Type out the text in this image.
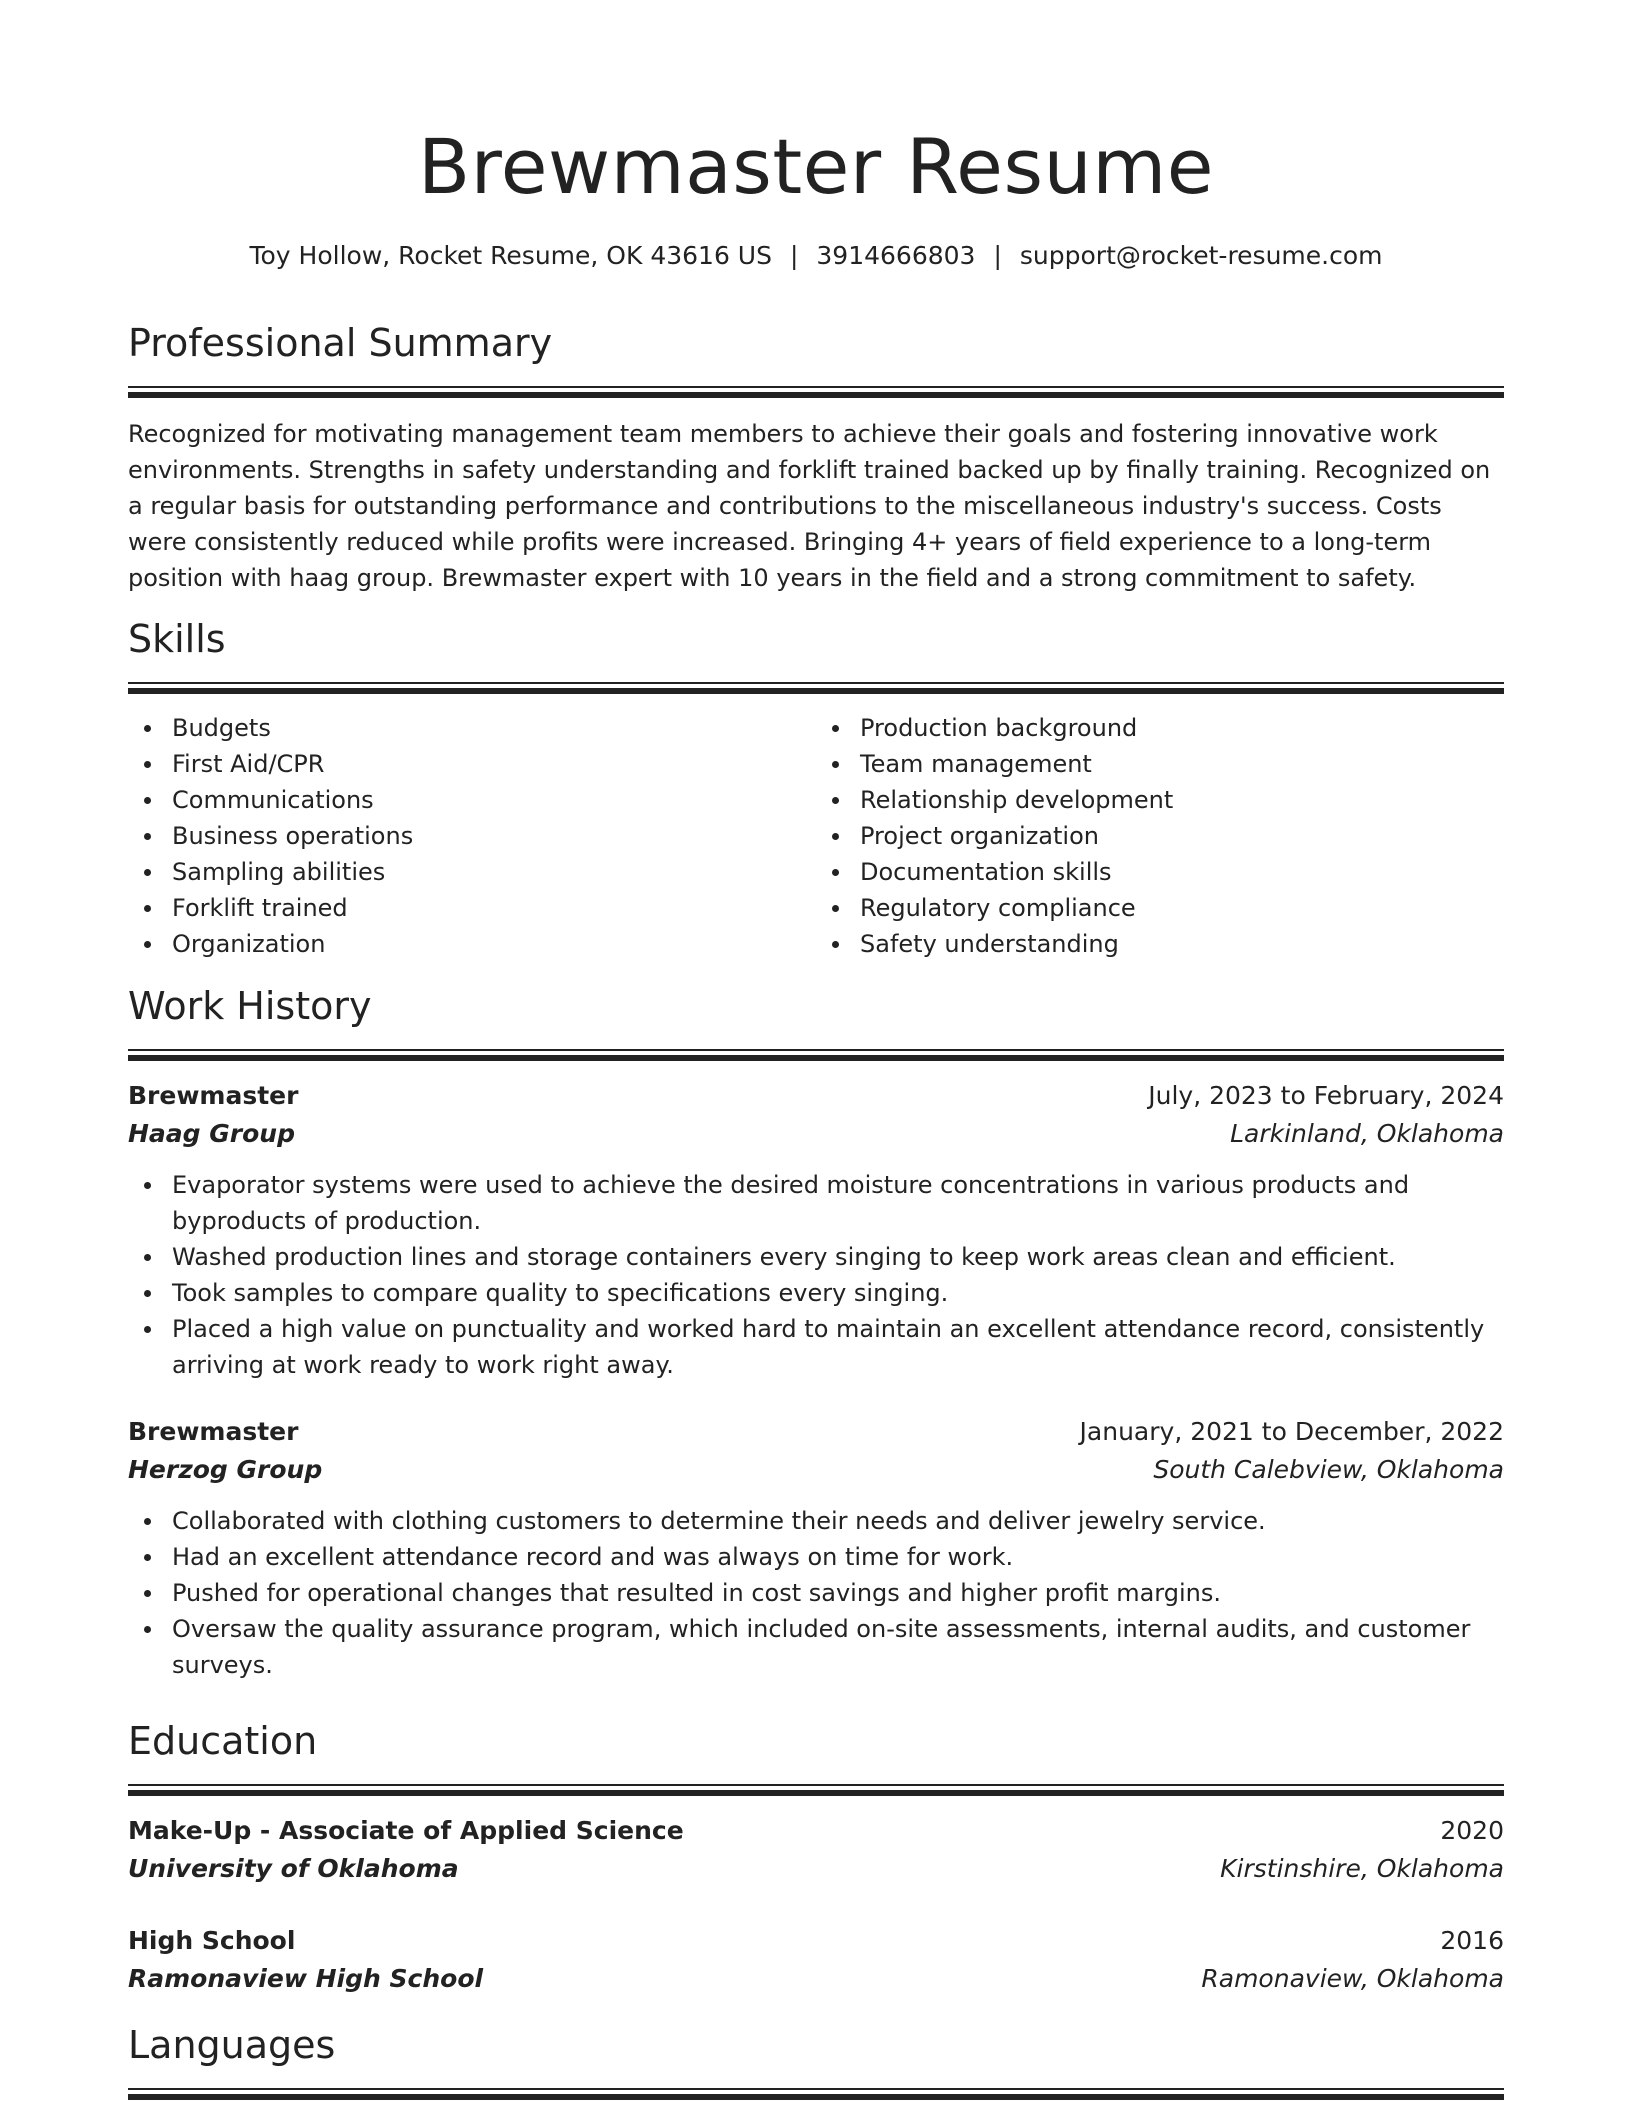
Brewmaster Resume
Toy Hollow, Rocket Resume, OK 43616 US | 3914666803 | support@rocket-resume.com
Professional Summary

Recognized for motivating management team members to achieve their goals and fostering innovative work environments. Strengths in safety understanding and forklift trained backed up by finally training. Recognized on a regular basis for outstanding performance and contributions to the miscellaneous industry's success. Costs were consistently reduced while profits were increased. Bringing 4+ years of field experience to a long-term position with haag group. Brewmaster expert with 10 years in the field and a strong commitment to safety.

Skills
Budgets
First Aid/CPR
Communications
Business operations
Sampling abilities
Forklift trained
Organization
Production background
Team management
Relationship development
Project organization
Documentation skills
Regulatory compliance
Safety understanding
Work History
Brewmaster	July, 2023 to February, 2024
Haag Group	Larkinland, Oklahoma
Evaporator systems were used to achieve the desired moisture concentrations in various products and byproducts of production.
Washed production lines and storage containers every singing to keep work areas clean and efficient.
Took samples to compare quality to specifications every singing.
Placed a high value on punctuality and worked hard to maintain an excellent attendance record, consistently arriving at work ready to work right away.
Brewmaster	January, 2021 to December, 2022
Herzog Group	South Calebview, Oklahoma
Collaborated with clothing customers to determine their needs and deliver jewelry service.
Had an excellent attendance record and was always on time for work.
Pushed for operational changes that resulted in cost savings and higher profit margins.
Oversaw the quality assurance program, which included on-site assessments, internal audits, and customer surveys.
Education
Make-Up - Associate of Applied Science	2020
University of Oklahoma	Kirstinshire, Oklahoma
High School	2016
Ramonaview High School	Ramonaview, Oklahoma
Languages
